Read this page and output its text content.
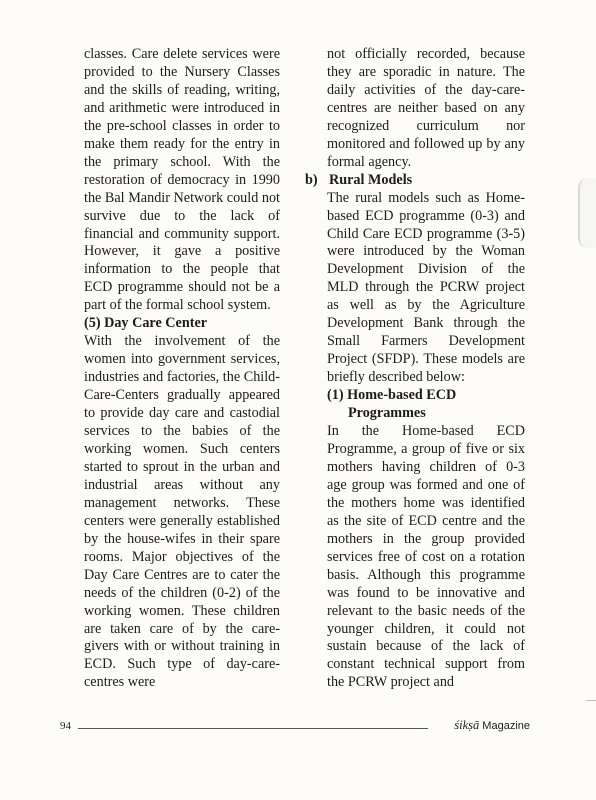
classes. Care delete services were provided to the Nursery Classes and the skills of reading, writing, and arithmetic were introduced in the pre-school classes in order to make them ready for the entry in the primary school. With the restoration of democracy in 1990 the Bal Mandir Network could not survive due to the lack of financial and community support. However, it gave a positive information to the people that ECD programme should not be a part of the formal school system.

(5) Day Care Center

With the involvement of the women into government services, industries and factories, the Child-Care-Centers gradually appeared to provide day care and castodial services to the babies of the working women. Such centers started to sprout in the urban and industrial areas without any management networks. These centers were generally established by the house-wifes in their spare rooms. Major objectives of the Day Care Centres are to cater the needs of the children (0-2) of the working women. These children are taken care of by the care-givers with or without training in ECD. Such type of day-care-centres were

not officially recorded, because they are sporadic in nature. The daily activities of the day-care-centres are neither based on any recognized curriculum nor monitored and followed up by any formal agency.

b) Rural Models

The rural models such as Home-based ECD programme (0-3) and Child Care ECD programme (3-5) were introduced by the Woman Development Division of the MLD through the PCRW project as well as by the Agriculture Development Bank through the Small Farmers Development Project (SFDP). These models are briefly described below:

(1) Home-based ECD
Programmes

In the Home-based ECD Programme, a group of five or six mothers having children of 0-3 age group was formed and one of the mothers home was identified as the site of ECD centre and the mothers in the group provided services free of cost on a rotation basis. Although this programme was found to be innovative and relevant to the basic needs of the younger children, it could not sustain because of the lack of constant technical support from the PCRW project and

94	śikṣā Magazine
